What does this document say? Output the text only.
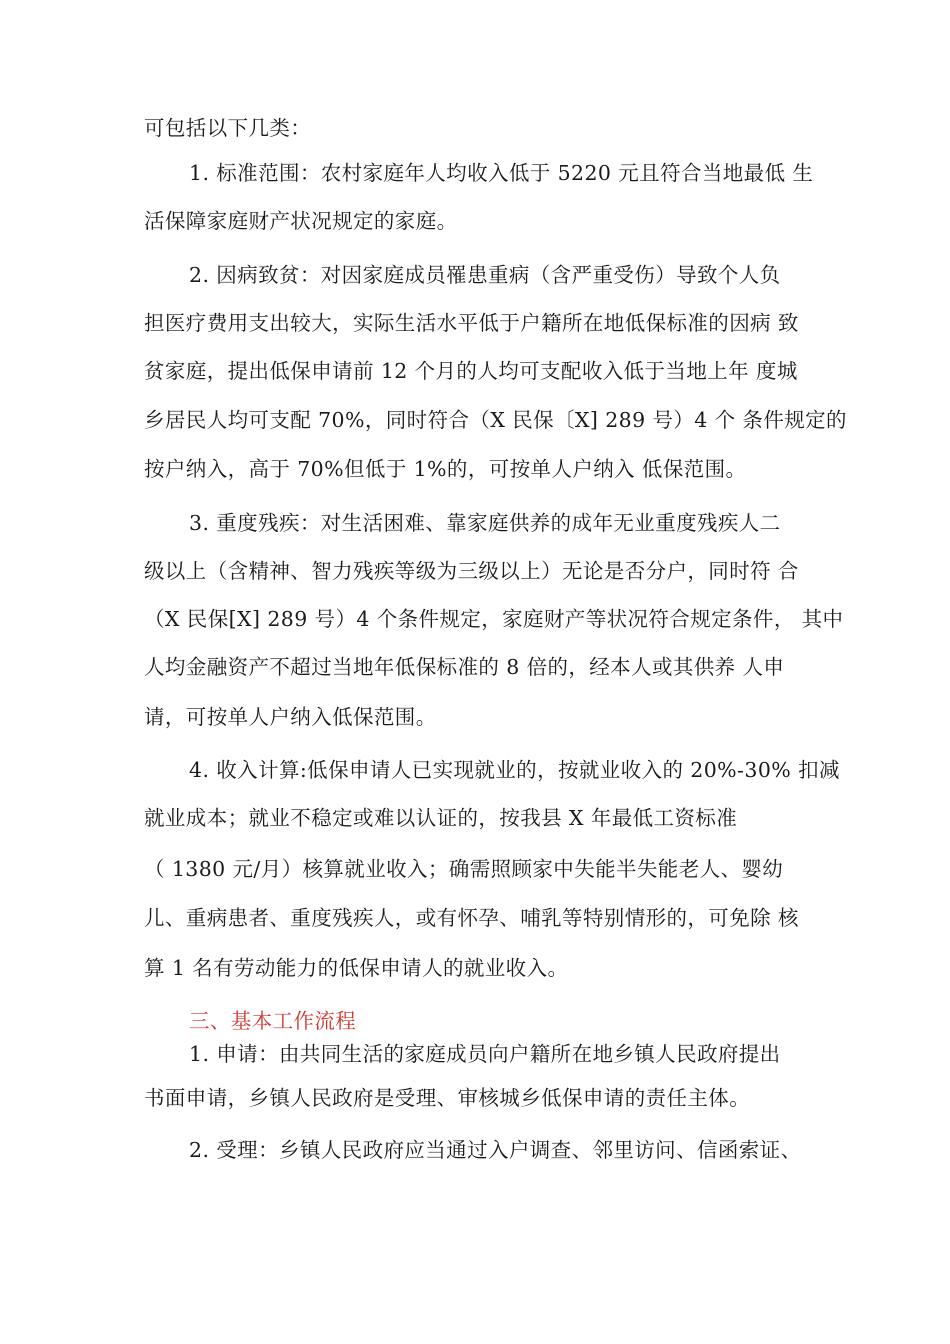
可包括以下几类：

1. 标准范围：农村家庭年人均收入低于 5220 元且符合当地最低 生

活保障家庭财产状况规定的家庭。

2. 因病致贫：对因家庭成员罹患重病（含严重受伤）导致个人负

担医疗费用支出较大，实际生活水平低于户籍所在地低保标准的因病 致

贫家庭，提出低保申请前 12 个月的人均可支配收入低于当地上年 度城

乡居民人均可支配 70%，同时符合（X 民保〔X] 289 号）4 个 条件规定的

按户纳入，高于 70%但低于 1%的，可按单人户纳入 低保范围。

3. 重度残疾：对生活困难、靠家庭供养的成年无业重度残疾人二

级以上（含精神、智力残疾等级为三级以上）无论是否分户，同时符 合

（X 民保[X] 289 号）4 个条件规定，家庭财产等状况符合规定条件， 其中

人均金融资产不超过当地年低保标准的 8 倍的，经本人或其供养 人申

请，可按单人户纳入低保范围。

4. 收入计算:低保申请人已实现就业的，按就业收入的 20%-30% 扣减

就业成本；就业不稳定或难以认证的，按我县 X 年最低工资标准

（ 1380 元/月）核算就业收入；确需照顾家中失能半失能老人、婴幼

儿、重病患者、重度残疾人，或有怀孕、哺乳等特别情形的，可免除 核

算 1 名有劳动能力的低保申请人的就业收入。

三、基本工作流程

1. 申请：由共同生活的家庭成员向户籍所在地乡镇人民政府提出

书面申请，乡镇人民政府是受理、审核城乡低保申请的责任主体。

2. 受理：乡镇人民政府应当通过入户调查、邻里访问、信函索证、
